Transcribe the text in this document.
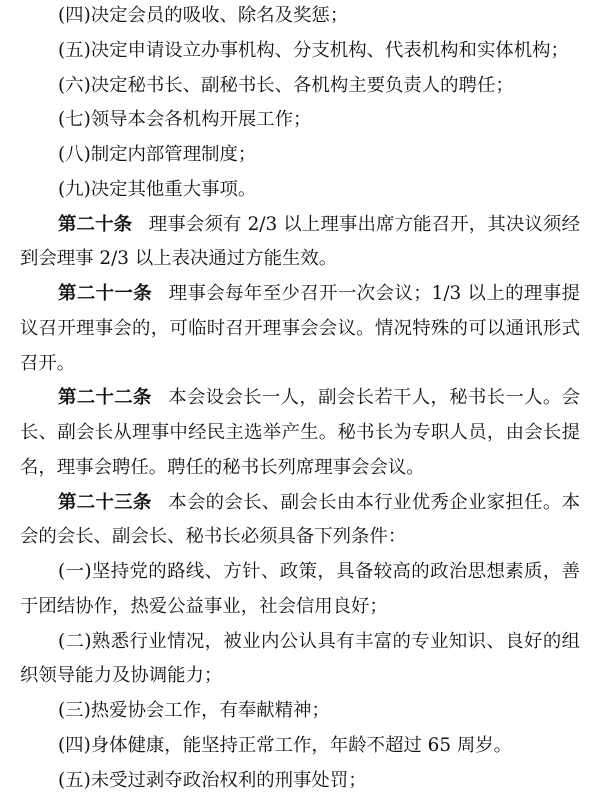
(四)决定会员的吸收、除名及奖惩；
(五)决定申请设立办事机构、分支机构、代表机构和实体机构；
(六)决定秘书长、副秘书长、各机构主要负责人的聘任；
(七)领导本会各机构开展工作；
(八)制定内部管理制度；
(九)决定其他重大事项。
第二十条 理事会须有 2/3 以上理事出席方能召开，其决议须经
到会理事 2/3 以上表决通过方能生效。
第二十一条 理事会每年至少召开一次会议；1/3 以上的理事提
议召开理事会的，可临时召开理事会会议。情况特殊的可以通讯形式
召开。
第二十二条 本会设会长一人，副会长若干人，秘书长一人。会
长、副会长从理事中经民主选举产生。秘书长为专职人员，由会长提
名，理事会聘任。聘任的秘书长列席理事会会议。
第二十三条 本会的会长、副会长由本行业优秀企业家担任。本
会的会长、副会长、秘书长必须具备下列条件：
(一)坚持党的路线、方针、政策，具备较高的政治思想素质，善
于团结协作，热爱公益事业，社会信用良好；
(二)熟悉行业情况，被业内公认具有丰富的专业知识、良好的组
织领导能力及协调能力；
(三)热爱协会工作，有奉献精神；
(四)身体健康，能坚持正常工作，年龄不超过 65 周岁。
(五)未受过剥夺政治权利的刑事处罚；
